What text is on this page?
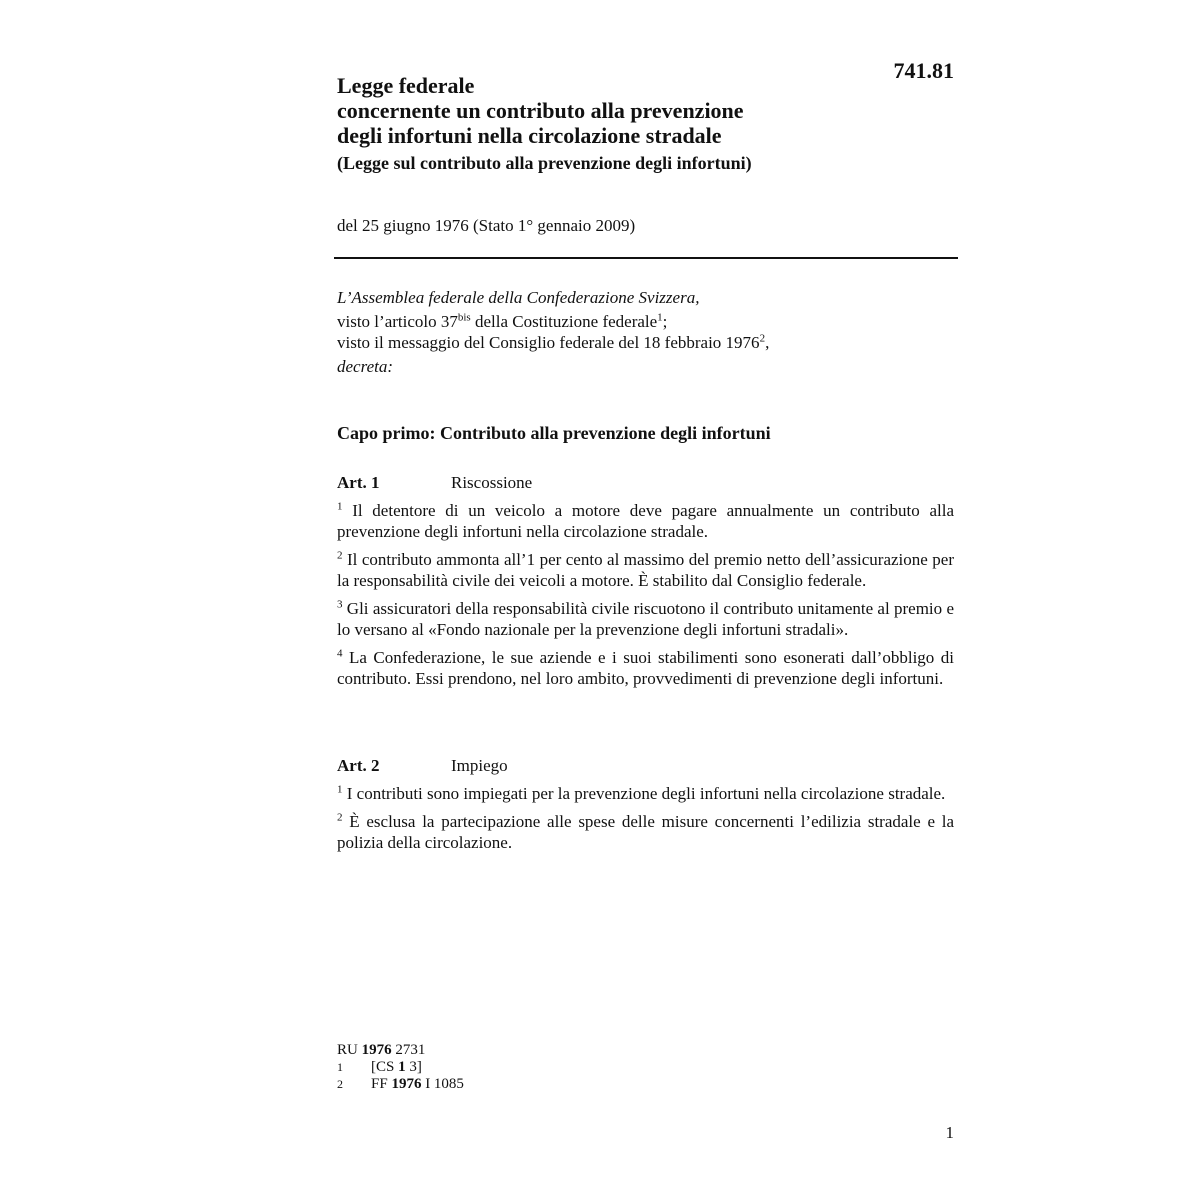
741.81
Legge federale
concernente un contributo alla prevenzione
degli infortuni nella circolazione stradale
(Legge sul contributo alla prevenzione degli infortuni)
del 25 giugno 1976 (Stato 1° gennaio 2009)
L’Assemblea federale della Confederazione Svizzera,
visto l’articolo $37^{bis}$ della Costituzione federale$^1$;
visto il messaggio del Consiglio federale del 18 febbraio 1976$^2$,
decreta:
Capo primo: Contributo alla prevenzione degli infortuni
Art. 1	Riscossione

$^1$ Il detentore di un veicolo a motore deve pagare annualmente un contributo alla prevenzione degli infortuni nella circolazione stradale.

$^2$ Il contributo ammonta all’1 per cento al massimo del premio netto dell’assicurazione per la responsabilità civile dei veicoli a motore. È stabilito dal Consiglio federale.

$^3$ Gli assicuratori della responsabilità civile riscuotono il contributo unitamente al premio e lo versano al «Fondo nazionale per la prevenzione degli infortuni stradali».

$^4$ La Confederazione, le sue aziende e i suoi stabilimenti sono esonerati dall’obbligo di contributo. Essi prendono, nel loro ambito, provvedimenti di prevenzione degli infortuni.

Art. 2	Impiego

$^1$ I contributi sono impiegati per la prevenzione degli infortuni nella circolazione stradale.

$^2$ È esclusa la partecipazione alle spese delle misure concernenti l’edilizia stradale e la polizia della circolazione.

RU 1976 2731
1	[CS 1 3]
2	FF 1976 I 1085
1
